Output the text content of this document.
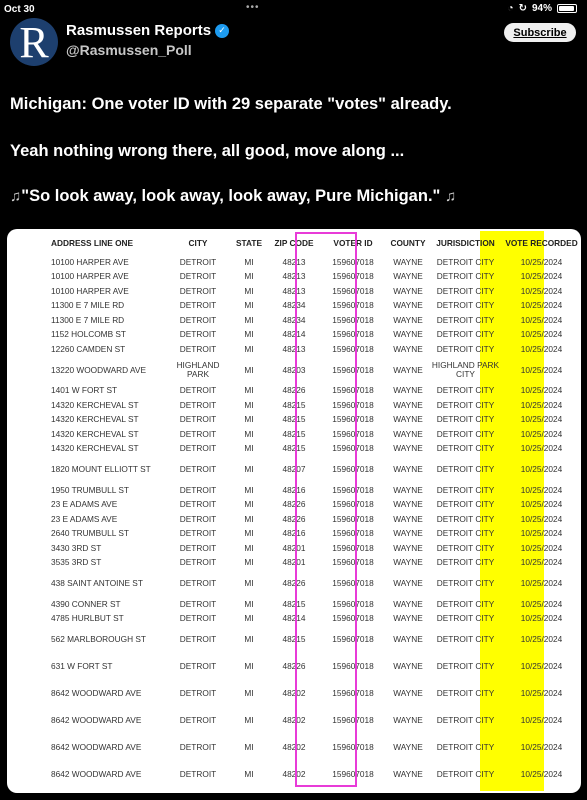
Oct 30	•••	◔ ↻ 94%
R Rasmussen Reports ✓
@Rasmussen_Poll
Subscribe
Michigan: One voter ID with 29 separate "votes" already.
Yeah nothing wrong there, all good, move along ...
♫"So look away, look away, look away, Pure Michigan." ♫
ADDRESS LINE ONE	CITY	STATE	ZIP CODE	VOTER ID	COUNTY	JURISDICTION	VOTE RECORDED
10100 HARPER AVE	DETROIT	MI	48213	159607018	WAYNE	DETROIT CITY	10/25/2024
10100 HARPER AVE	DETROIT	MI	48213	159607018	WAYNE	DETROIT CITY	10/25/2024
10100 HARPER AVE	DETROIT	MI	48213	159607018	WAYNE	DETROIT CITY	10/25/2024
11300 E 7 MILE RD	DETROIT	MI	48234	159607018	WAYNE	DETROIT CITY	10/25/2024
11300 E 7 MILE RD	DETROIT	MI	48234	159607018	WAYNE	DETROIT CITY	10/25/2024
1152 HOLCOMB ST	DETROIT	MI	48214	159607018	WAYNE	DETROIT CITY	10/25/2024
12260 CAMDEN ST	DETROIT	MI	48213	159607018	WAYNE	DETROIT CITY	10/25/2024
13220 WOODWARD AVE	HIGHLAND PARK	MI	48203	159607018	WAYNE	HIGHLAND PARK CITY	10/25/2024
1401 W FORT ST	DETROIT	MI	48226	159607018	WAYNE	DETROIT CITY	10/25/2024
14320 KERCHEVAL ST	DETROIT	MI	48215	159607018	WAYNE	DETROIT CITY	10/25/2024
14320 KERCHEVAL ST	DETROIT	MI	48215	159607018	WAYNE	DETROIT CITY	10/25/2024
14320 KERCHEVAL ST	DETROIT	MI	48215	159607018	WAYNE	DETROIT CITY	10/25/2024
14320 KERCHEVAL ST	DETROIT	MI	48215	159607018	WAYNE	DETROIT CITY	10/25/2024
1820 MOUNT ELLIOTT ST	DETROIT	MI	48207	159607018	WAYNE	DETROIT CITY	10/25/2024
1950 TRUMBULL ST	DETROIT	MI	48216	159607018	WAYNE	DETROIT CITY	10/25/2024
23 E ADAMS AVE	DETROIT	MI	48226	159607018	WAYNE	DETROIT CITY	10/25/2024
23 E ADAMS AVE	DETROIT	MI	48226	159607018	WAYNE	DETROIT CITY	10/25/2024
2640 TRUMBULL ST	DETROIT	MI	48216	159607018	WAYNE	DETROIT CITY	10/25/2024
3430 3RD ST	DETROIT	MI	48201	159607018	WAYNE	DETROIT CITY	10/25/2024
3535 3RD ST	DETROIT	MI	48201	159607018	WAYNE	DETROIT CITY	10/25/2024
438 SAINT ANTOINE ST	DETROIT	MI	48226	159607018	WAYNE	DETROIT CITY	10/25/2024
4390 CONNER ST	DETROIT	MI	48215	159607018	WAYNE	DETROIT CITY	10/25/2024
4785 HURLBUT ST	DETROIT	MI	48214	159607018	WAYNE	DETROIT CITY	10/25/2024
562 MARLBOROUGH ST	DETROIT	MI	48215	159607018	WAYNE	DETROIT CITY	10/25/2024
631 W FORT ST	DETROIT	MI	48226	159607018	WAYNE	DETROIT CITY	10/25/2024
8642 WOODWARD AVE	DETROIT	MI	48202	159607018	WAYNE	DETROIT CITY	10/25/2024
8642 WOODWARD AVE	DETROIT	MI	48202	159607018	WAYNE	DETROIT CITY	10/25/2024
8642 WOODWARD AVE	DETROIT	MI	48202	159607018	WAYNE	DETROIT CITY	10/25/2024
8642 WOODWARD AVE	DETROIT	MI	48202	159607018	WAYNE	DETROIT CITY	10/25/2024
